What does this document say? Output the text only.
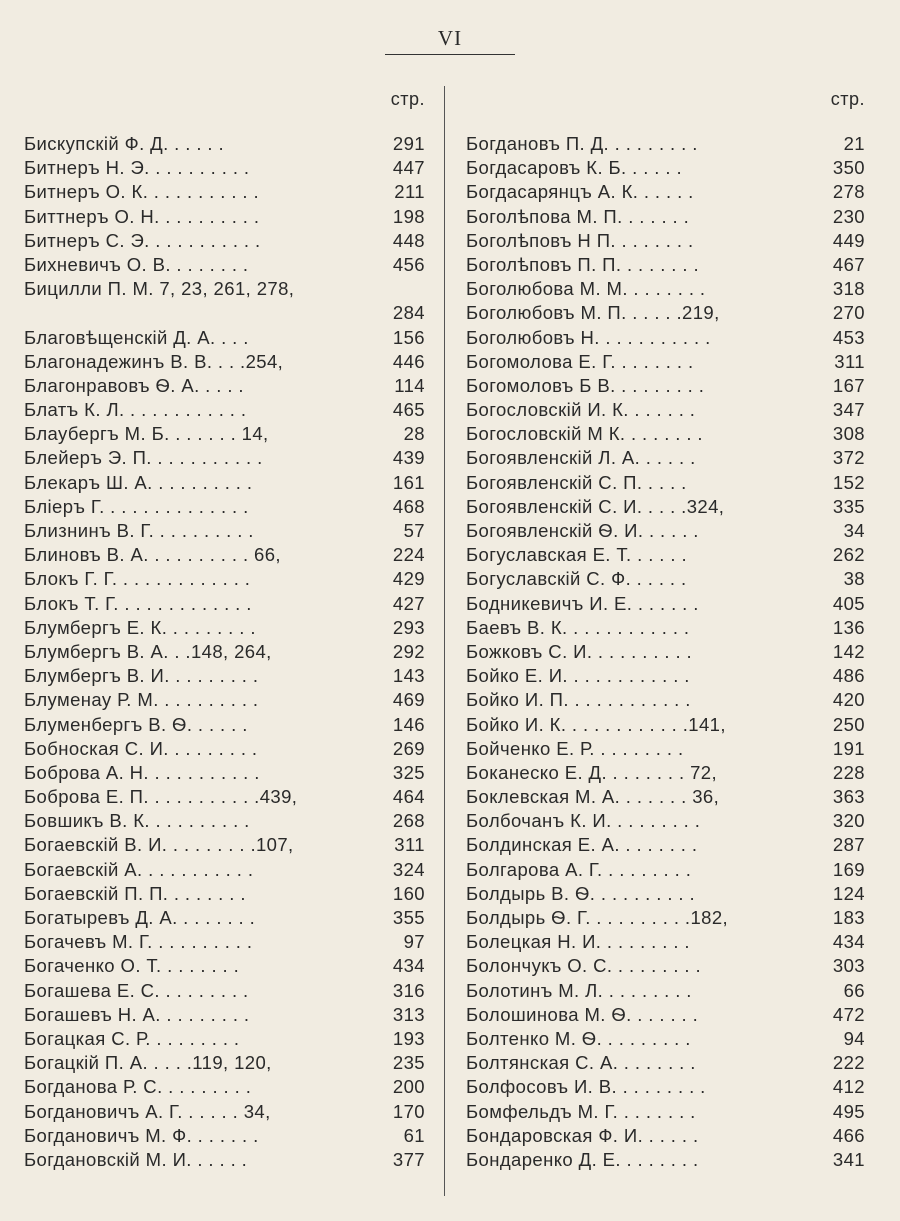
VI
стр.
Бискупскій Ф. Д. . . . . .	291
Битнеръ Н. Э. . . . . . . . . .	447
Битнеръ О. К. . . . . . . . . . .	211
Биттнеръ О. Н. . . . . . . . . .	198
Битнеръ С. Э. . . . . . . . . . .	448
Бихневичъ О. В. . . . . . . .	456
Бицилли П. М. 7, 23, 261, 278,
284
Благовѣщенскій Д. А. . . .	156
Благонадежинъ В. В. . . .254,	446
Благонравовъ Ѳ. А. . . . .	114
Блатъ К. Л. . . . . . . . . . . .	465
Блаубергъ М. Б. . . . . . . 14,	28
Блейеръ Э. П. . . . . . . . . . .	439
Блекаръ Ш. А. . . . . . . . . .	161
Бліеръ Г. . . . . . . . . . . . . .	468
Близнинъ В. Г. . . . . . . . . .	57
Блиновъ В. А. . . . . . . . . . 66,	224
Блокъ Г. Г. . . . . . . . . . . . .	429
Блокъ Т. Г. . . . . . . . . . . . .	427
Блумбергъ Е. К. . . . . . . . .	293
Блумбергъ В. А. . .148, 264,	292
Блумбергъ В. И. . . . . . . . .	143
Блуменау Р. М. . . . . . . . . .	469
Блуменбергъ В. Ѳ. . . . . .	146
Бобноская С. И. . . . . . . . .	269
Боброва А. Н. . . . . . . . . . .	325
Боброва Е. П. . . . . . . . . . .439,	464
Бовшикъ В. К. . . . . . . . . .	268
Богаевскій В. И. . . . . . . . .107,	311
Богаевскій А. . . . . . . . . . .	324
Богаевскій П. П. . . . . . . .	160
Богатыревъ Д. А. . . . . . . .	355
Богачевъ М. Г. . . . . . . . . .	97
Богаченко О. Т. . . . . . . .	434
Богашева Е. С. . . . . . . . .	316
Богашевъ Н. А. . . . . . . . .	313
Богацкая С. Р. . . . . . . . .	193
Богацкій П. А. . . . .119, 120,	235
Богданова Р. С. . . . . . . . .	200
Богдановичъ А. Г. . . . . . 34,	170
Богдановичъ М. Ф. . . . . . .	61
Богдановскій М. И. . . . . .	377
стр.
Богдановъ П. Д. . . . . . . . .	21
Богдасаровъ К. Б. . . . . .	350
Богдасарянцъ А. К. . . . . .	278
Боголѣпова М. П. . . . . . .	230
Боголѣповъ Н П. . . . . . . .	449
Боголѣповъ П. П. . . . . . . .	467
Боголюбова М. М. . . . . . . .	318
Боголюбовъ М. П. . . . . .219,	270
Боголюбовъ Н. . . . . . . . . . .	453
Богомолова Е. Г. . . . . . . .	311
Богомоловъ Б В. . . . . . . . .	167
Богословскій И. К. . . . . . .	347
Богословскій М К. . . . . . . .	308
Богоявленскій Л. А. . . . . .	372
Богоявленскій С. П. . . . .	152
Богоявленскій С. И. . . . .324,	335
Богоявленскій Ѳ. И. . . . . .	34
Богуславская Е. Т. . . . . .	262
Богуславскій С. Ф. . . . . .	38
Бодникевичъ И. Е. . . . . . .	405
Баевъ В. К. . . . . . . . . . . .	136
Божковъ С. И. . . . . . . . . .	142
Бойко Е. И. . . . . . . . . . . .	486
Бойко И. П. . . . . . . . . . . .	420
Бойко И. К. . . . . . . . . . . .141,	250
Бойченко Е. Р. . . . . . . . .	191
Боканеско Е. Д. . . . . . . . 72,	228
Боклевская М. А. . . . . . . 36,	363
Болбочанъ К. И. . . . . . . . .	320
Болдинская Е. А. . . . . . . .	287
Болгарова А. Г. . . . . . . . .	169
Болдырь В. Ѳ. . . . . . . . . .	124
Болдырь Ѳ. Г. . . . . . . . . .182,	183
Болецкая Н. И. . . . . . . . .	434
Болончукъ О. С. . . . . . . . .	303
Болотинъ М. Л. . . . . . . . .	66
Болошинова М. Ѳ. . . . . . .	472
Болтенко М. Ѳ. . . . . . . . .	94
Болтянская С. А. . . . . . . .	222
Болфосовъ И. В. . . . . . . . .	412
Бомфельдъ М. Г. . . . . . . .	495
Бондаровская Ф. И. . . . . .	466
Бондаренко Д. Е. . . . . . . .	341
